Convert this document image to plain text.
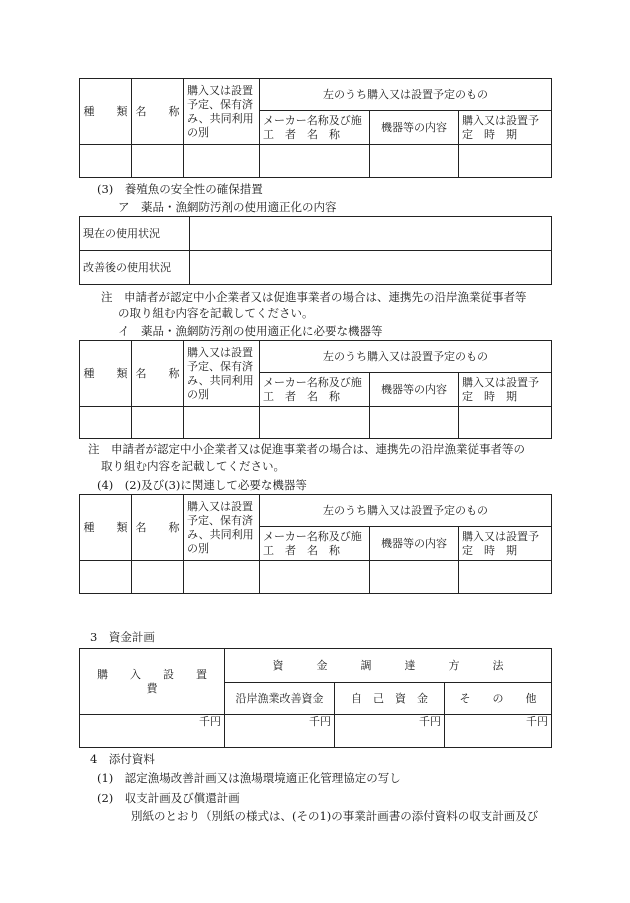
種　　類	名　　称	購入又は設置予定、保有済み、共同利用の別	左のうち購入又は設置予定のもの		
			メーカー名称及び施　工　者　名　称	機器等の内容	購入又は設置予　定　時　期

(3)　養殖魚の安全性の確保措置
ア　薬品・漁網防汚剤の使用適正化の内容
現在の使用状況	
改善後の使用状況	
注　申請者が認定中小企業者又は促進事業者の場合は、連携先の沿岸漁業従事者等
の取り組む内容を記載してください。
イ　薬品・漁網防汚剤の使用適正化に必要な機器等
種　　類	名　　称	購入又は設置予定、保有済み、共同利用の別	左のうち購入又は設置予定のもの		
			メーカー名称及び施　工　者　名　称	機器等の内容	購入又は設置予　定　時　期

注　申請者が認定中小企業者又は促進事業者の場合は、連携先の沿岸漁業従事者等の
取り組む内容を記載してください。
(4)　(2)及び(3)に関連して必要な機器等
種　　類	名　　称	購入又は設置予定、保有済み、共同利用の別	左のうち購入又は設置予定のもの		
			メーカー名称及び施　工　者　名　称	機器等の内容	購入又は設置予　定　時　期

3　資金計画
購　　入　　設　　置　　費	資　　　金　　　調　　　達　　　方　　　法		
	沿岸漁業改善資金	自　己　資　金	そ　　の　　他
千円	千円	千円	千円
4　添付資料
(1)　認定漁場改善計画又は漁場環境適正化管理協定の写し
(2)　収支計画及び償還計画
別紙のとおり（別紙の様式は、(その1)の事業計画書の添付資料の収支計画及び
